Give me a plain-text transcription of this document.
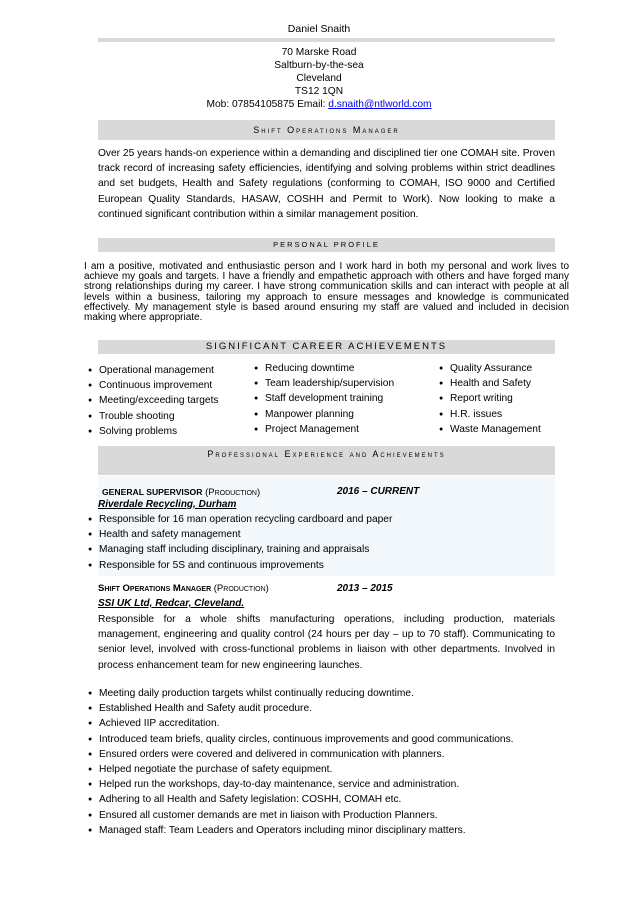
Daniel Snaith
70 Marske Road
Saltburn-by-the-sea
Cleveland
TS12 1QN
Mob: 07854105875 Email: d.snaith@ntlworld.com
Shift Operations Manager
Over 25 years hands-on experience within a demanding and disciplined tier one COMAH site. Proven track record of increasing safety efficiencies, identifying and solving problems within strict deadlines and set budgets, Health and Safety regulations (conforming to COMAH, ISO 9000 and Certified European Quality Standards, HASAW, COSHH and Permit to Work). Now looking to make a continued significant contribution within a similar management position.
PERSONAL PROFILE
I am a positive, motivated and enthusiastic person and I work hard in both my personal and work lives to achieve my goals and targets. I have a friendly and empathetic approach with others and have forged many strong relationships during my career. I have strong communication skills and can interact with people at all levels within a business, tailoring my approach to ensure messages and knowledge is communicated effectively. My management style is based around ensuring my staff are valued and included in decision making where appropriate.
SIGNIFICANT CAREER ACHIEVEMENTS
● Operational management
● Continuous improvement
● Meeting/exceeding targets
● Trouble shooting
● Solving problems
● Reducing downtime
● Team leadership/supervision
● Staff development training
● Manpower planning
● Project Management
● Quality Assurance
● Health and Safety
● Report writing
● H.R. issues
● Waste Management
Professional Experience and Achievements
GENERAL SUPERVISOR (Production)	2016 – CURRENT
Riverdale Recycling, Durham
● Responsible for 16 man operation recycling cardboard and paper
● Health and safety management
● Managing staff including disciplinary, training and appraisals
● Responsible for 5S and continuous improvements
Shift Operations Manager (Production)	2013 – 2015
SSI UK Ltd, Redcar, Cleveland.
Responsible for a whole shifts manufacturing operations, including production, materials management, engineering and quality control (24 hours per day – up to 70 staff). Communicating to senior level, involved with cross-functional problems in liaison with other departments. Involved in process enhancement team for new engineering launches.
● Meeting daily production targets whilst continually reducing downtime.
● Established Health and Safety audit procedure.
● Achieved IIP accreditation.
● Introduced team briefs, quality circles, continuous improvements and good communications.
● Ensured orders were covered and delivered in communication with planners.
● Helped negotiate the purchase of safety equipment.
● Helped run the workshops, day-to-day maintenance, service and administration.
● Adhering to all Health and Safety legislation: COSHH, COMAH etc.
● Ensured all customer demands are met in liaison with Production Planners.
● Managed staff: Team Leaders and Operators including minor disciplinary matters.
